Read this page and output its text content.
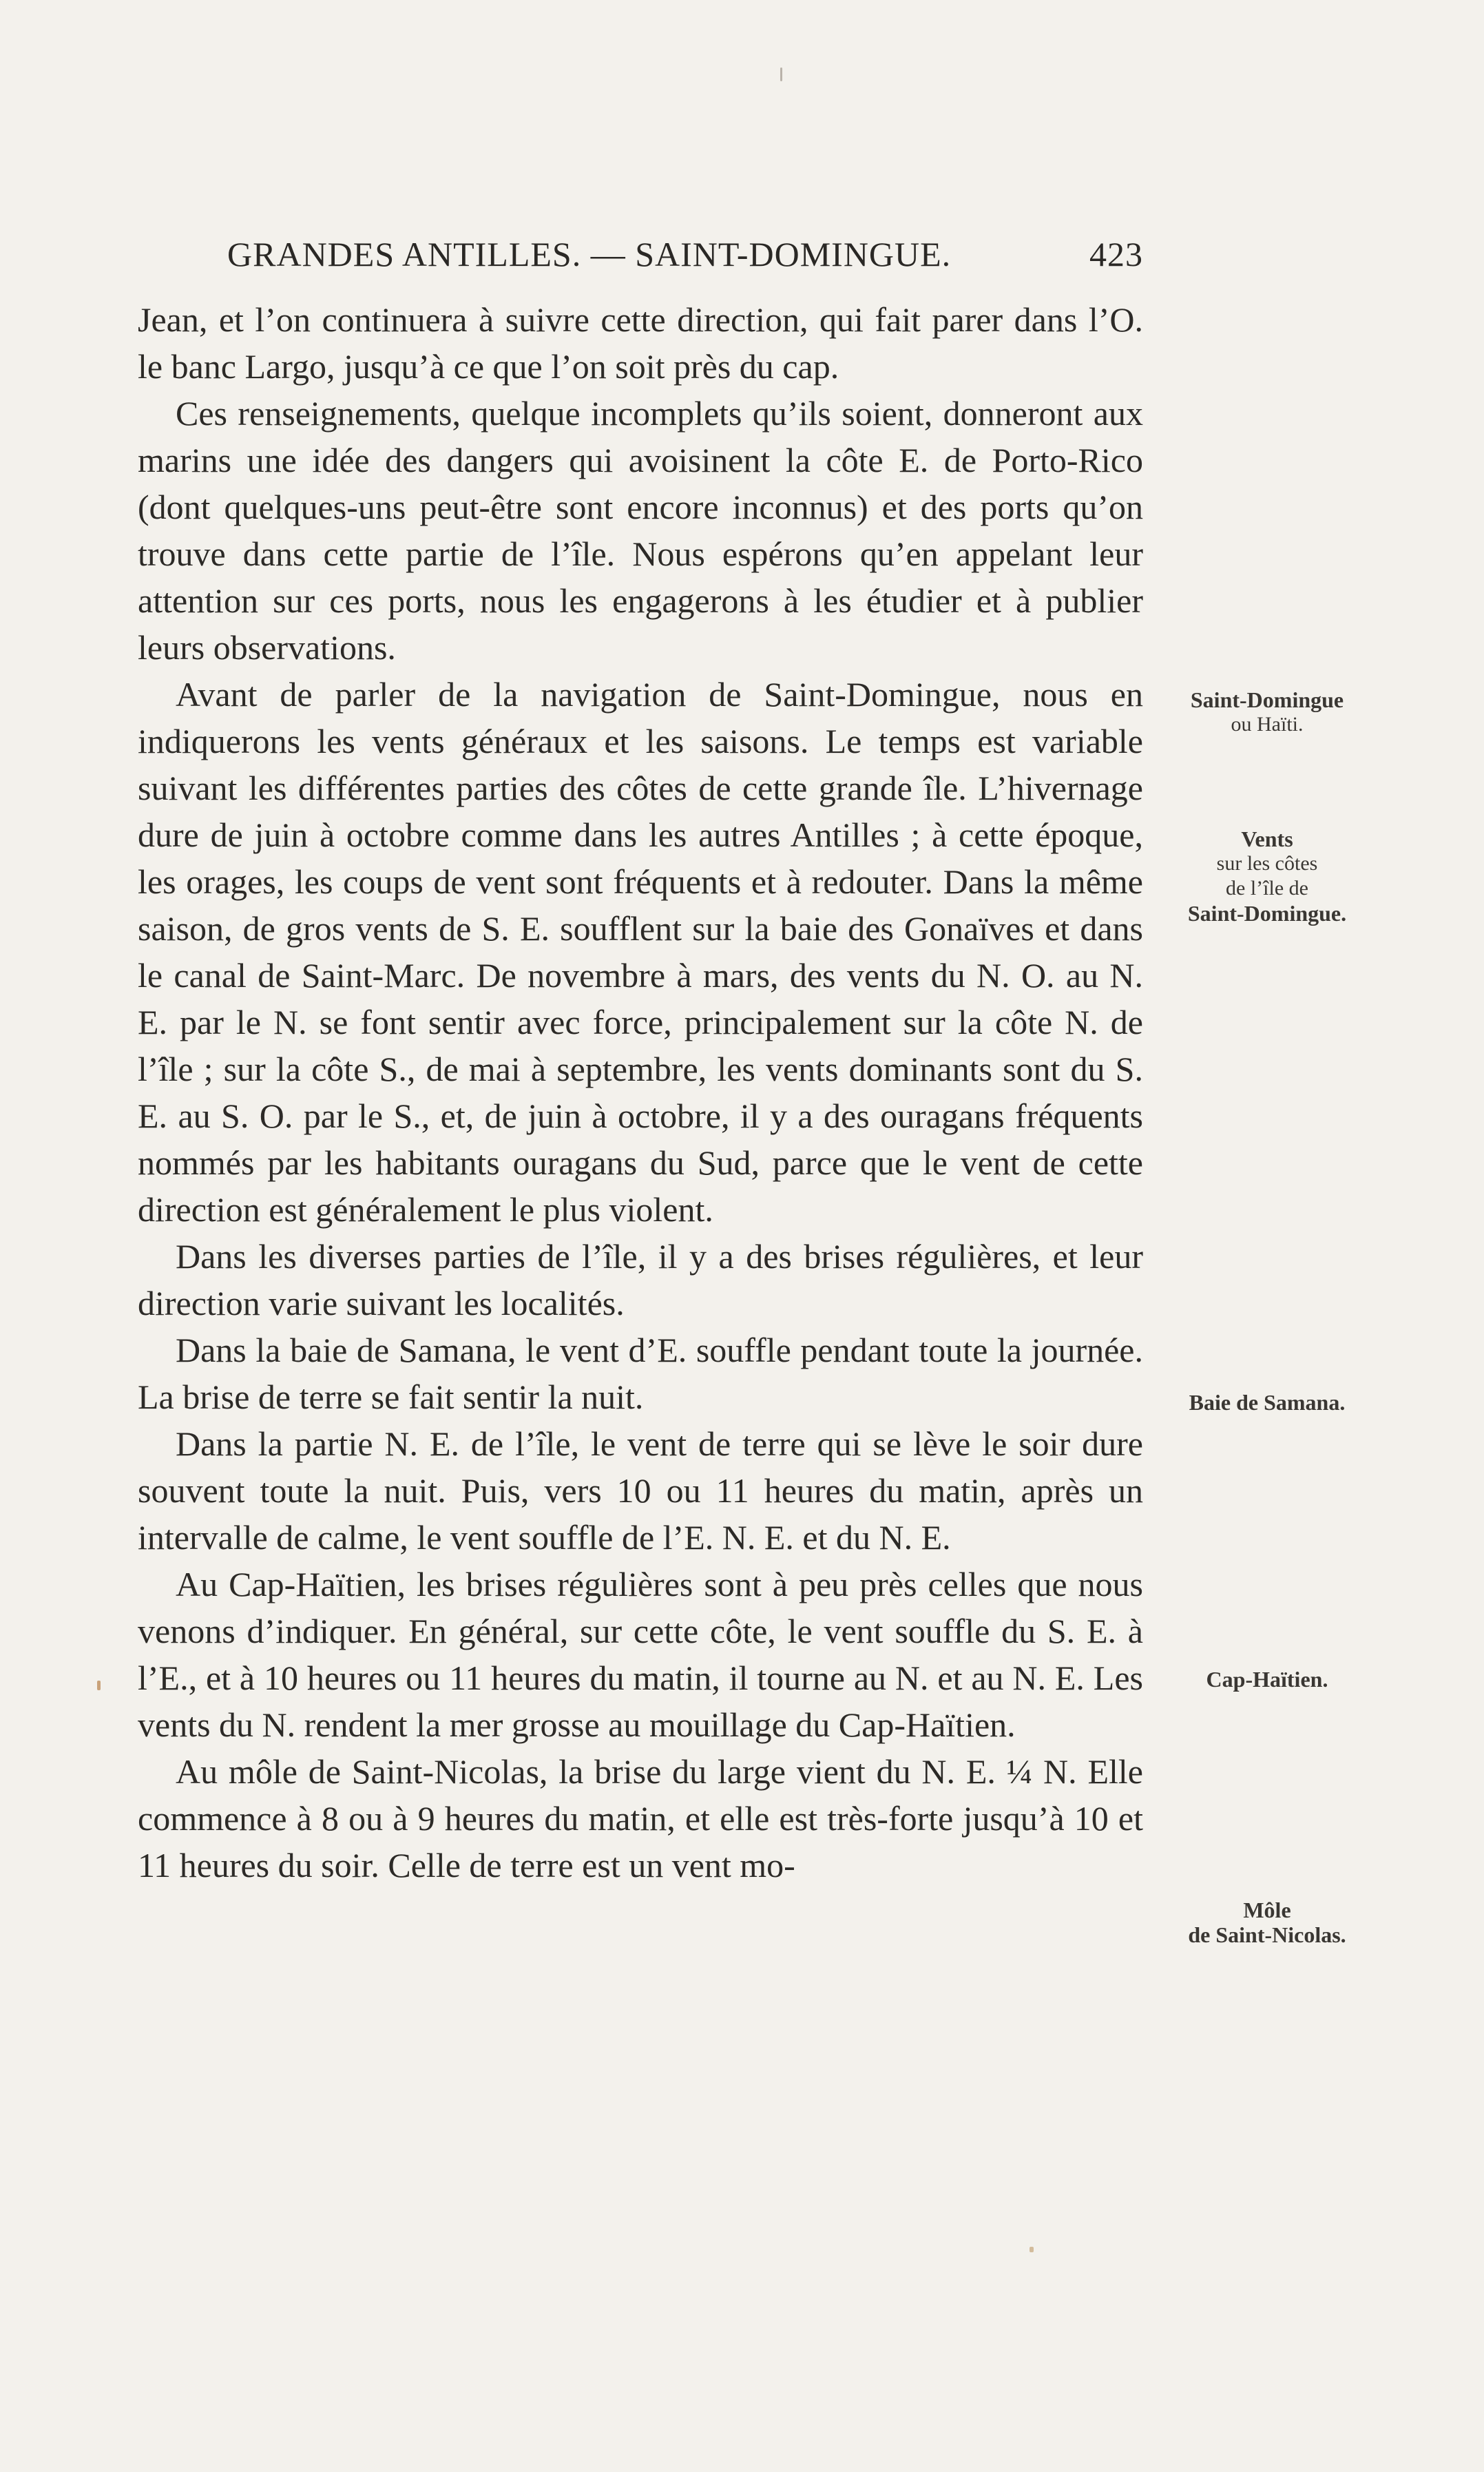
GRANDES ANTILLES. — SAINT-DOMINGUE.	423

Jean, et l’on continuera à suivre cette direction, qui fait parer dans l’O. le banc Largo, jusqu’à ce que l’on soit près du cap.

Ces renseignements, quelque incomplets qu’ils soient, donneront aux marins une idée des dangers qui avoisinent la côte E. de Porto-Rico (dont quelques-uns peut-être sont encore inconnus) et des ports qu’on trouve dans cette partie de l’île. Nous espérons qu’en appelant leur attention sur ces ports, nous les engagerons à les étudier et à publier leurs observations.

Avant de parler de la navigation de Saint-Domingue, nous en indiquerons les vents généraux et les saisons. Le temps est variable suivant les différentes parties des côtes de cette grande île. L’hivernage dure de juin à octobre comme dans les autres Antilles ; à cette époque, les orages, les coups de vent sont fréquents et à redouter. Dans la même saison, de gros vents de S. E. soufflent sur la baie des Gonaïves et dans le canal de Saint-Marc. De novembre à mars, des vents du N. O. au N. E. par le N. se font sentir avec force, principalement sur la côte N. de l’île ; sur la côte S., de mai à septembre, les vents dominants sont du S. E. au S. O. par le S., et, de juin à octobre, il y a des ouragans fréquents nommés par les habitants ouragans du Sud, parce que le vent de cette direction est généralement le plus violent.

Dans les diverses parties de l’île, il y a des brises régulières, et leur direction varie suivant les localités.

Dans la baie de Samana, le vent d’E. souffle pendant toute la journée. La brise de terre se fait sentir la nuit.

Dans la partie N. E. de l’île, le vent de terre qui se lève le soir dure souvent toute la nuit. Puis, vers 10 ou 11 heures du matin, après un intervalle de calme, le vent souffle de l’E. N. E. et du N. E.

Au Cap-Haïtien, les brises régulières sont à peu près celles que nous venons d’indiquer. En général, sur cette côte, le vent souffle du S. E. à l’E., et à 10 heures ou 11 heures du matin, il tourne au N. et au N. E. Les vents du N. rendent la mer grosse au mouillage du Cap-Haïtien.

Au môle de Saint-Nicolas, la brise du large vient du N. E. ¼ N. Elle commence à 8 ou à 9 heures du matin, et elle est très-forte jusqu’à 10 et 11 heures du soir. Celle de terre est un vent mo-

Saint-Domingue
ou Haïti.
Vents
sur les côtes
de l’île de
Saint-Domingue.
Baie de Samana.
Cap-Haïtien.
Môle
de Saint-Nicolas.
